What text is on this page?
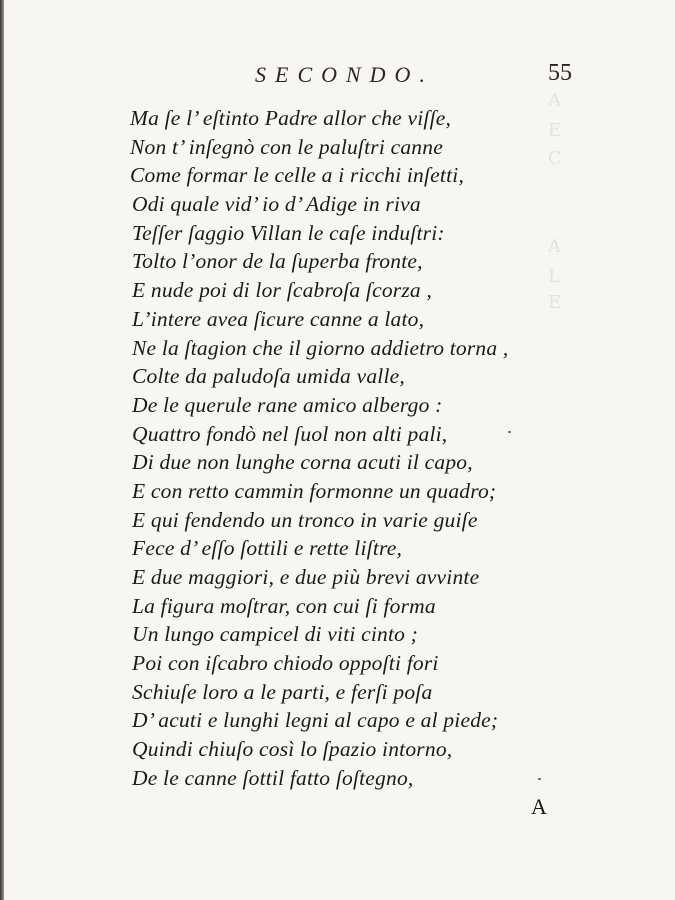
A
E
C
A
L
E
SECONDO.	55
Ma ſe l’ eſtinto Padre allor che viſſe,
Non t’ inſegnò con le paluſtri canne
Come formar le celle a i ricchi inſetti,
Odi quale vid’ io d’ Adige in riva
Teſſer ſaggio Villan le caſe induſtri:
Tolto l’onor de la ſuperba fronte,
E nude poi di lor ſcabroſa ſcorza ,
L’intere avea ſicure canne a lato,
Ne la ſtagion che il giorno addietro torna ,
Colte da paludoſa umida valle,
De le querule rane amico albergo :
Quattro fondò nel ſuol non alti pali,
Di due non lunghe corna acuti il capo,
E con retto cammin formonne un quadro;
E qui fendendo un tronco in varie guiſe
Fece d’ eſſo ſottili e rette liſtre,
E due maggiori, e due più brevi avvinte
La figura moſtrar, con cui ſi forma
Un lungo campicel di viti cinto ;
Poi con iſcabro chiodo oppoſti fori
Schiuſe loro a le parti, e ferſi poſa
D’ acuti e lunghi legni al capo e al piede;
Quindi chiuſo così lo ſpazio intorno,
De le canne ſottil fatto ſoſtegno,
A
